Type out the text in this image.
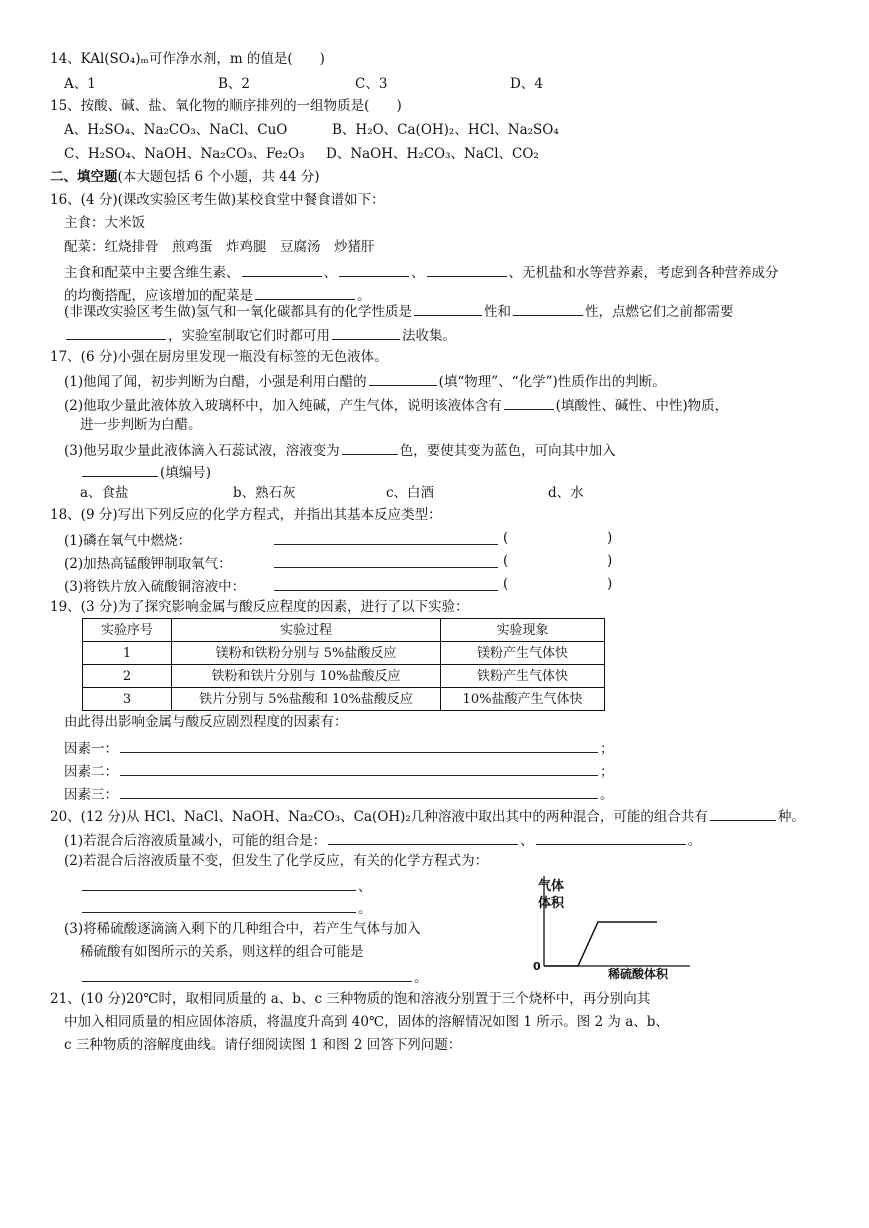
14、KAl(SO₄)ₘ可作净水剂，m 的值是(　　)
A、1	B、2	C、3	D、4
15、按酸、碱、盐、氧化物的顺序排列的一组物质是(　　)
A、H₂SO₄、Na₂CO₃、NaCl、CuO	B、H₂O、Ca(OH)₂、HCl、Na₂SO₄
C、H₂SO₄、NaOH、Na₂CO₃、Fe₂O₃ D、NaOH、H₂CO₃、NaCl、CO₂
二、填空题(本大题包括 6 个小题，共 44 分)
16、(4 分)(课改实验区考生做)某校食堂中餐食谱如下：
主食：大米饭
配菜：红烧排骨　煎鸡蛋　炸鸡腿　豆腐汤　炒猪肝
主食和配菜中主要含维生素、	、	、	、无机盐和水等营养素，考虑到各种营养成分
的均衡搭配，应该增加的配菜是	。
(非课改实验区考生做)氢气和一氧化碳都具有的化学性质是	性和	性，点燃它们之前都需要
，实验室制取它们时都可用	法收集。
17、(6 分)小强在厨房里发现一瓶没有标签的无色液体。
(1)他闻了闻，初步判断为白醋，小强是利用白醋的	(填“物理”、“化学”)性质作出的判断。
(2)他取少量此液体放入玻璃杯中，加入纯碱，产生气体，说明该液体含有	(填酸性、碱性、中性)物质，
进一步判断为白醋。
(3)他另取少量此液体滴入石蕊试液，溶液变为	色，要使其变为蓝色，可向其中加入
(填编号)
a、食盐	b、熟石灰	c、白酒	d、水
18、(9 分)写出下列反应的化学方程式，并指出其基本反应类型：
(1)磷在氧气中燃烧：
(2)加热高锰酸钾制取氧气：
(3)将铁片放入硫酸铜溶液中：
(	)
(	)
(	)
19、(3 分)为了探究影响金属与酸反应程度的因素，进行了以下实验：
实验序号	实验过程	实验现象
1	镁粉和铁粉分别与 5%盐酸反应	镁粉产生气体快
2	铁粉和铁片分别与 10%盐酸反应	铁粉产生气体快
3	铁片分别与 5%盐酸和 10%盐酸反应	10%盐酸产生气体快
由此得出影响金属与酸反应剧烈程度的因素有：
因素一：	；
因素二：	；
因素三：	。
20、(12 分)从 HCl、NaCl、NaOH、Na₂CO₃、Ca(OH)₂几种溶液中取出其中的两种混合，可能的组合共有	种。
(1)若混合后溶液质量减小，可能的组合是：	、	。
(2)若混合后溶液质量不变，但发生了化学反应，有关的化学方程式为：
、
。
(3)将稀硫酸逐滴滴入剩下的几种组合中，若产生气体与加入
稀硫酸有如图所示的关系，则这样的组合可能是
。
气体
体积
0
稀硫酸体积
21、(10 分)20℃时，取相同质量的 a、b、c 三种物质的饱和溶液分别置于三个烧杯中，再分别向其
中加入相同质量的相应固体溶质，将温度升高到 40℃，固体的溶解情况如图 1 所示。图 2 为 a、b、
c 三种物质的溶解度曲线。请仔细阅读图 1 和图 2 回答下列问题：
